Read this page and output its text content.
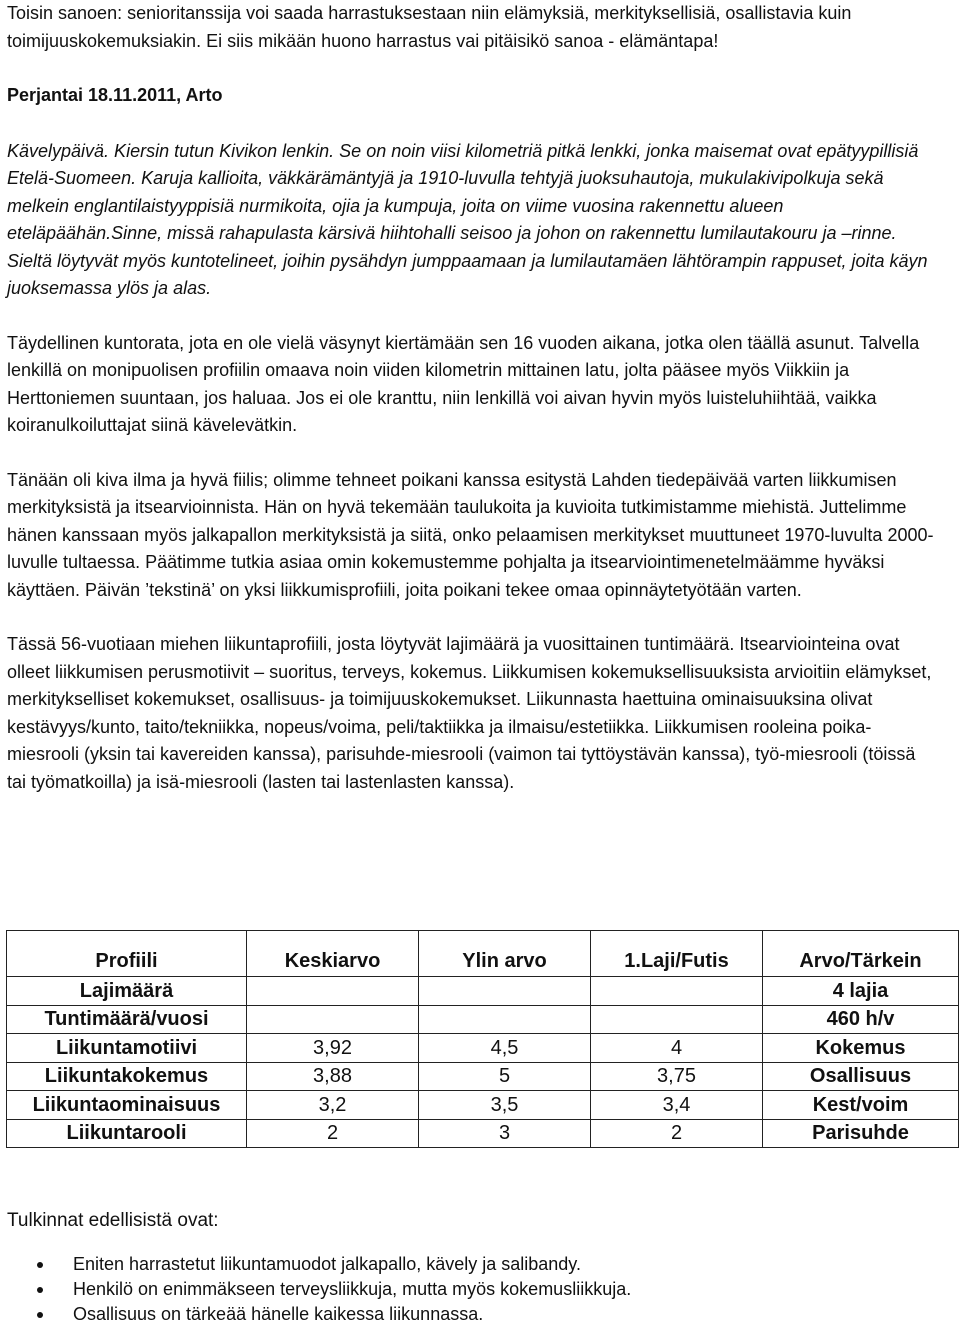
Toisin sanoen: senioritanssija voi saada harrastuksestaan niin elämyksiä, merkityksellisiä, osallistavia kuin toimijuuskokemuksiakin. Ei siis mikään huono harrastus vai pitäisikö sanoa - elämäntapa!

Perjantai 18.11.2011, Arto

Kävelypäivä. Kiersin tutun Kivikon lenkin. Se on noin viisi kilometriä pitkä lenkki, jonka maisemat ovat epätyypillisiä Etelä-Suomeen. Karuja kallioita, väkkärämäntyjä ja 1910-luvulla tehtyjä juoksuhautoja, mukulakivipolkuja sekä melkein englantilaistyyppisiä nurmikoita, ojia ja kumpuja, joita on viime vuosina rakennettu alueen eteläpäähän.Sinne, missä rahapulasta kärsivä hiihtohalli seisoo ja johon on rakennettu lumilautakouru ja –rinne. Sieltä löytyvät myös kuntotelineet, joihin pysähdyn jumppaamaan ja lumilautamäen lähtörampin rappuset, joita käyn juoksemassa ylös ja alas.

Täydellinen kuntorata, jota en ole vielä väsynyt kiertämään sen 16 vuoden aikana, jotka olen täällä asunut. Talvella lenkillä on monipuolisen profiilin omaava noin viiden kilometrin mittainen latu, jolta pääsee myös Viikkiin ja Herttoniemen suuntaan, jos haluaa. Jos ei ole kranttu, niin lenkillä voi aivan hyvin myös luisteluhiihtää, vaikka koiranulkoiluttajat siinä kävelevätkin.

Tänään oli kiva ilma ja hyvä fiilis; olimme tehneet poikani kanssa esitystä Lahden tiedepäivää varten liikkumisen merkityksistä ja itsearvioinnista. Hän on hyvä tekemään taulukoita ja kuvioita tutkimistamme miehistä. Juttelimme hänen kanssaan myös jalkapallon merkityksistä ja siitä, onko pelaamisen merkitykset muuttuneet 1970-luvulta 2000-luvulle tultaessa. Päätimme tutkia asiaa omin kokemustemme pohjalta ja itsearviointimenetelmäämme hyväksi käyttäen. Päivän ’tekstinä’ on yksi liikkumisprofiili, joita poikani tekee omaa opinnäytetyötään varten.

Tässä 56-vuotiaan miehen liikuntaprofiili, josta löytyvät lajimäärä ja vuosittainen tuntimäärä. Itsearviointeina ovat olleet liikkumisen perusmotiivit – suoritus, terveys, kokemus. Liikkumisen kokemuksellisuuksista arvioitiin elämykset, merkitykselliset kokemukset, osallisuus- ja toimijuuskokemukset. Liikunnasta haettuina ominaisuuksina olivat kestävyys/kunto, taito/tekniikka, nopeus/voima, peli/taktiikka ja ilmaisu/estetiikka. Liikkumisen rooleina poika-miesrooli (yksin tai kavereiden kanssa), parisuhde-miesrooli (vaimon tai tyttöystävän kanssa), työ-miesrooli (töissä tai työmatkoilla) ja isä-miesrooli (lasten tai lastenlasten kanssa).

Profiili	Keskiarvo	Ylin arvo	1.Laji/Futis	Arvo/Tärkein
Lajimäärä				4 lajia
Tuntimäärä/vuosi				460 h/v
Liikuntamotiivi	3,92	4,5	4	Kokemus
Liikuntakokemus	3,88	5	3,75	Osallisuus
Liikuntaominaisuus	3,2	3,5	3,4	Kest/voim
Liikuntarooli	2	3	2	Parisuhde

Tulkinnat edellisistä ovat:

Eniten harrastetut liikuntamuodot jalkapallo, kävely ja salibandy.
Henkilö on enimmäkseen terveysliikkuja, mutta myös kokemusliikkuja.
Osallisuus on tärkeää hänelle kaikessa liikunnassa.
